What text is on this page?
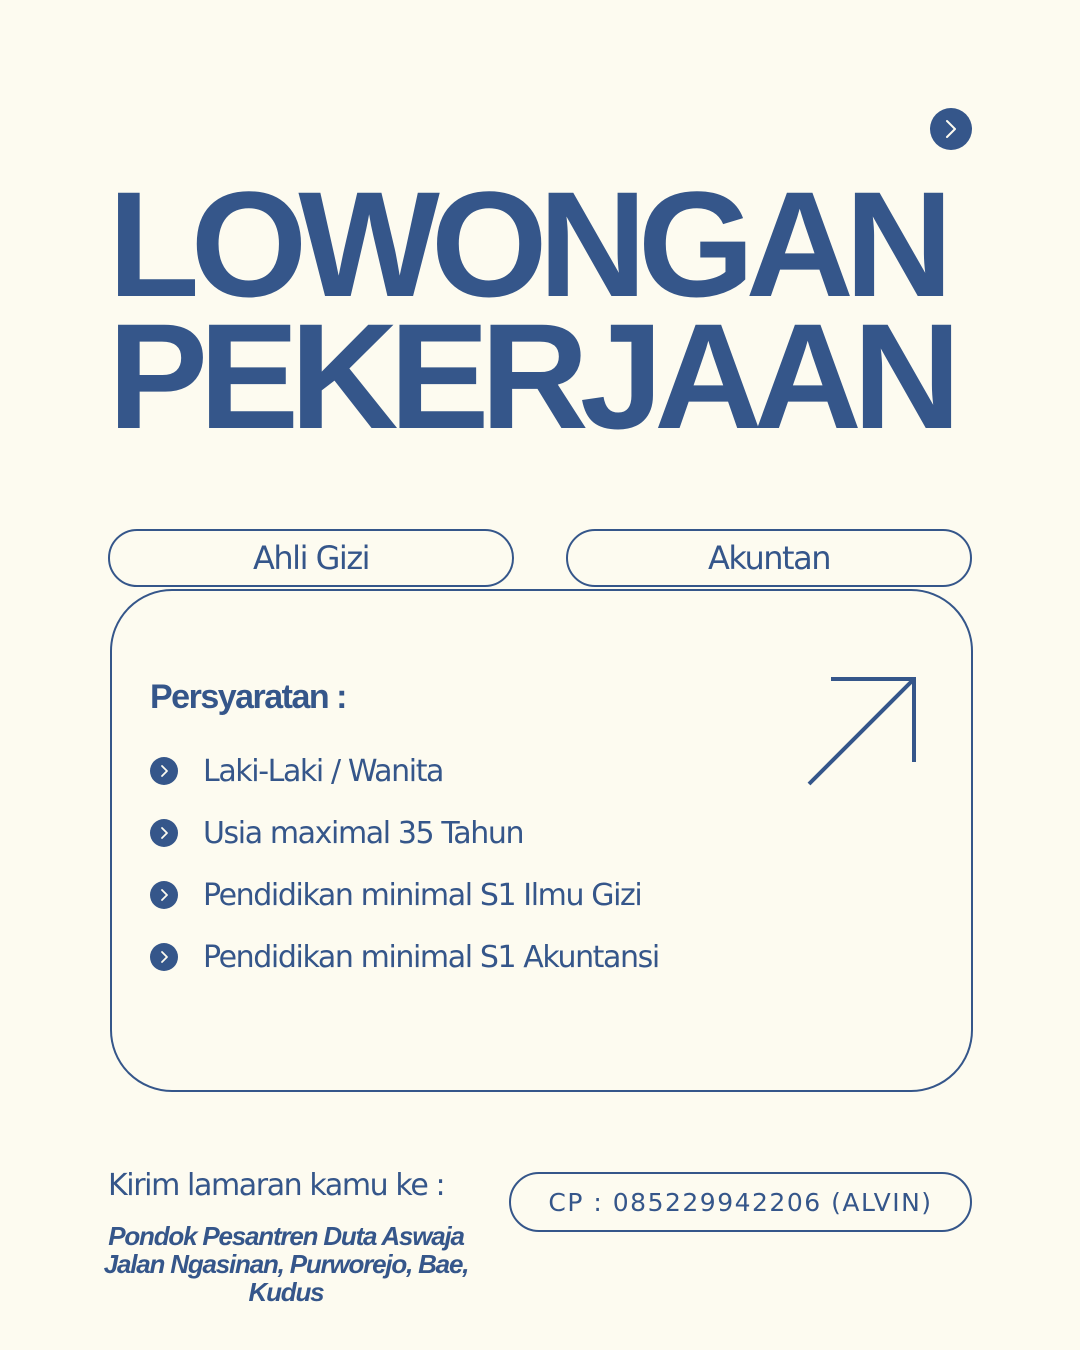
LOWONGAN
PEKERJAAN
Ahli Gizi	Akuntan
Persyaratan :
Laki-Laki / Wanita
Usia maximal 35 Tahun
Pendidikan minimal S1 Ilmu Gizi
Pendidikan minimal S1 Akuntansi
Kirim lamaran kamu ke :
Pondok Pesantren Duta Aswaja
Jalan Ngasinan, Purworejo, Bae,
Kudus
CP : 085229942206 (ALVIN)
